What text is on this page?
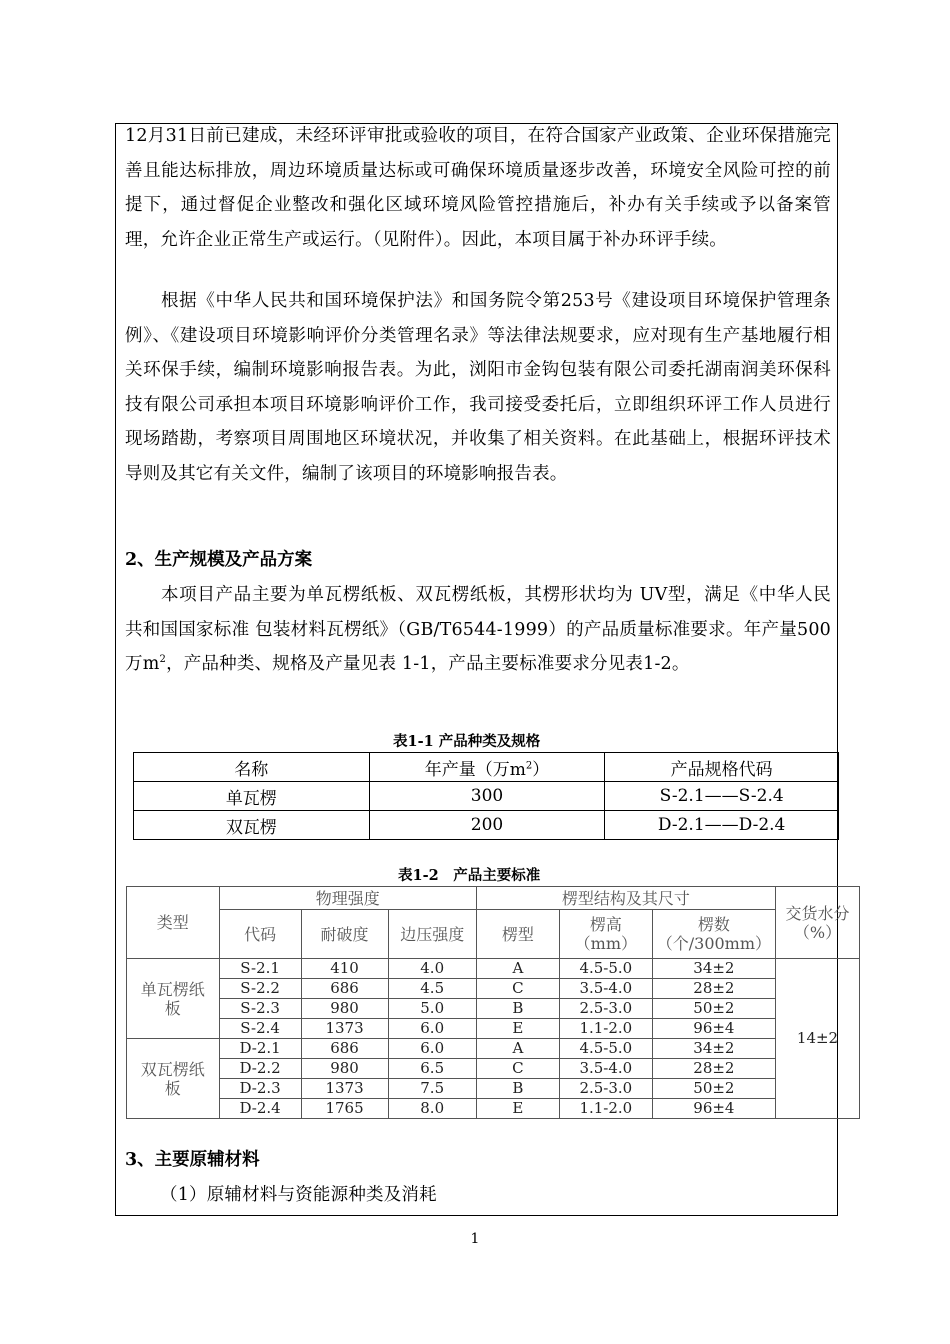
12月31日前已建成，未经环评审批或验收的项目，在符合国家产业政策、企业环保措施完善且能达标排放，周边环境质量达标或可确保环境质量逐步改善，环境安全风险可控的前提下，通过督促企业整改和强化区域环境风险管控措施后，补办有关手续或予以备案管理，允许企业正常生产或运行。（见附件）。因此，本项目属于补办环评手续。
根据《中华人民共和国环境保护法》和国务院令第253号《建设项目环境保护管理条例》、《建设项目环境影响评价分类管理名录》等法律法规要求，应对现有生产基地履行相关环保手续，编制环境影响报告表。为此，浏阳市金钩包装有限公司委托湖南润美环保科技有限公司承担本项目环境影响评价工作，我司接受委托后，立即组织环评工作人员进行现场踏勘，考察项目周围地区环境状况，并收集了相关资料。在此基础上，根据环评技术导则及其它有关文件，编制了该项目的环境影响报告表。
2、生产规模及产品方案
本项目产品主要为单瓦楞纸板、双瓦楞纸板，其楞形状均为 UV型，满足《中华人民共和国国家标准 包装材料瓦楞纸》（GB/T6544-1999）的产品质量标准要求。年产量500万$m^2$，产品种类、规格及产量见表 1-1，产品主要标准要求分见表1-2。
表1-1 产品种类及规格
名称	年产量（万$m^2$）	产品规格代码
单瓦楞	300	S-2.1——S-2.4
双瓦楞	200	D-2.1——D-2.4
表1-2　产品主要标准
类型	物理强度			楞型结构及其尺寸			交货水分（%）
	代码	耐破度	边压强度	楞型	楞高（mm）	楞数（个/300mm）	
单瓦楞纸板	S-2.1	410	4.0	A	4.5-5.0	34±2	14±2
	S-2.2	686	4.5	C	3.5-4.0	28±2	
	S-2.3	980	5.0	B	2.5-3.0	50±2	
	S-2.4	1373	6.0	E	1.1-2.0	96±4	
双瓦楞纸板	D-2.1	686	6.0	A	4.5-5.0	34±2	
	D-2.2	980	6.5	C	3.5-4.0	28±2	
	D-2.3	1373	7.5	B	2.5-3.0	50±2	
	D-2.4	1765	8.0	E	1.1-2.0	96±4	
3、主要原辅材料
（1）原辅材料与资能源种类及消耗
1
